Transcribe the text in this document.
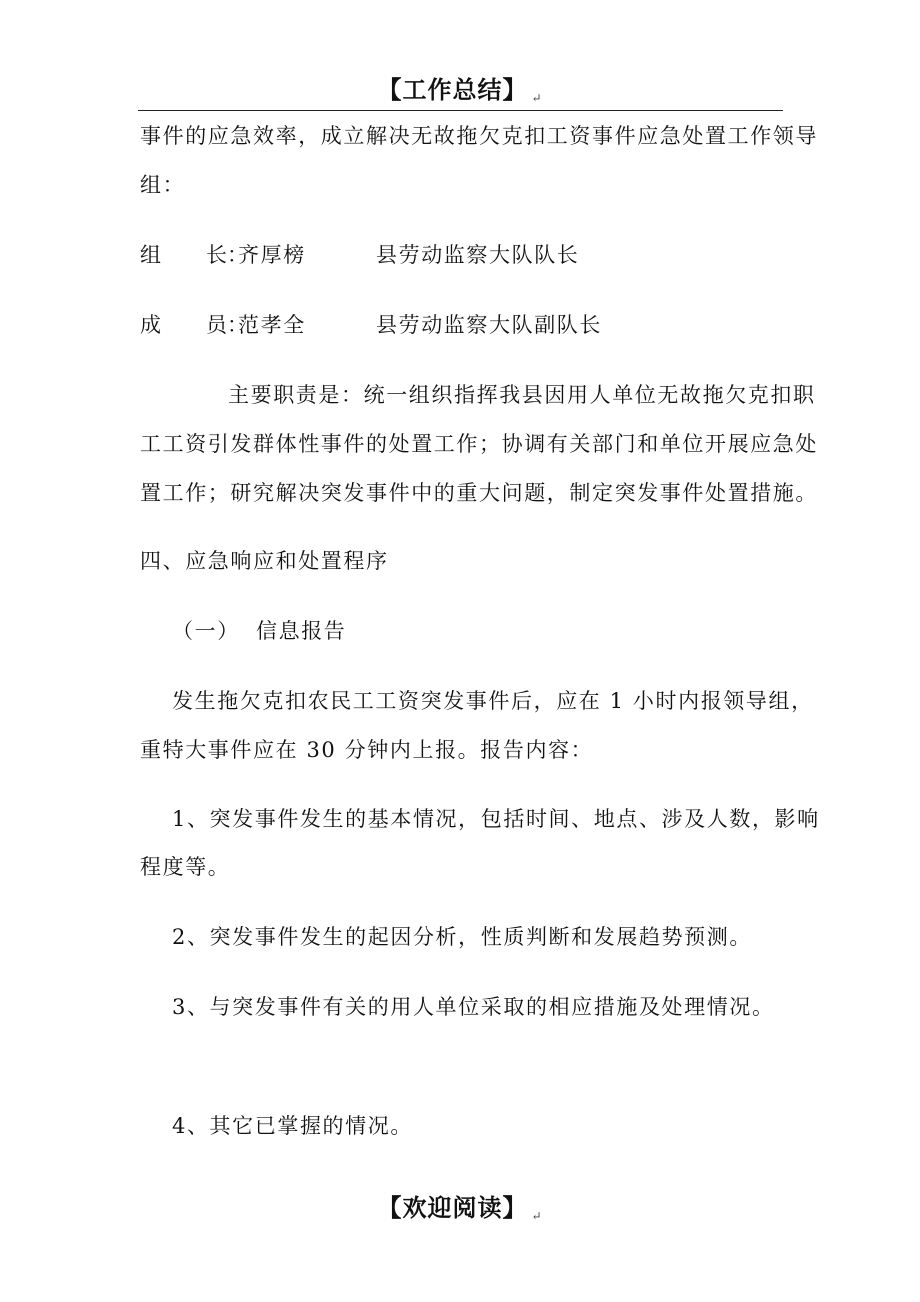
【工作总结】 ↵
事件的应急效率，成立解决无故拖欠克扣工资事件应急处置工作领导
组：
组 长：齐厚榜	县劳动监察大队队长
成 员：范孝全	县劳动监察大队副队长
主要职责是：统一组织指挥我县因用人单位无故拖欠克扣职
工工资引发群体性事件的处置工作；协调有关部门和单位开展应急处
置工作；研究解决突发事件中的重大问题，制定突发事件处置措施。
四、应急响应和处置程序
（一） 信息报告
发生拖欠克扣农民工工资突发事件后，应在 1 小时内报领导组，
重特大事件应在 30 分钟内上报。报告内容：
1、突发事件发生的基本情况，包括时间、地点、涉及人数，影响
程度等。
2、突发事件发生的起因分析，性质判断和发展趋势预测。
3、与突发事件有关的用人单位采取的相应措施及处理情况。
4、其它已掌握的情况。
【欢迎阅读】 ↵
